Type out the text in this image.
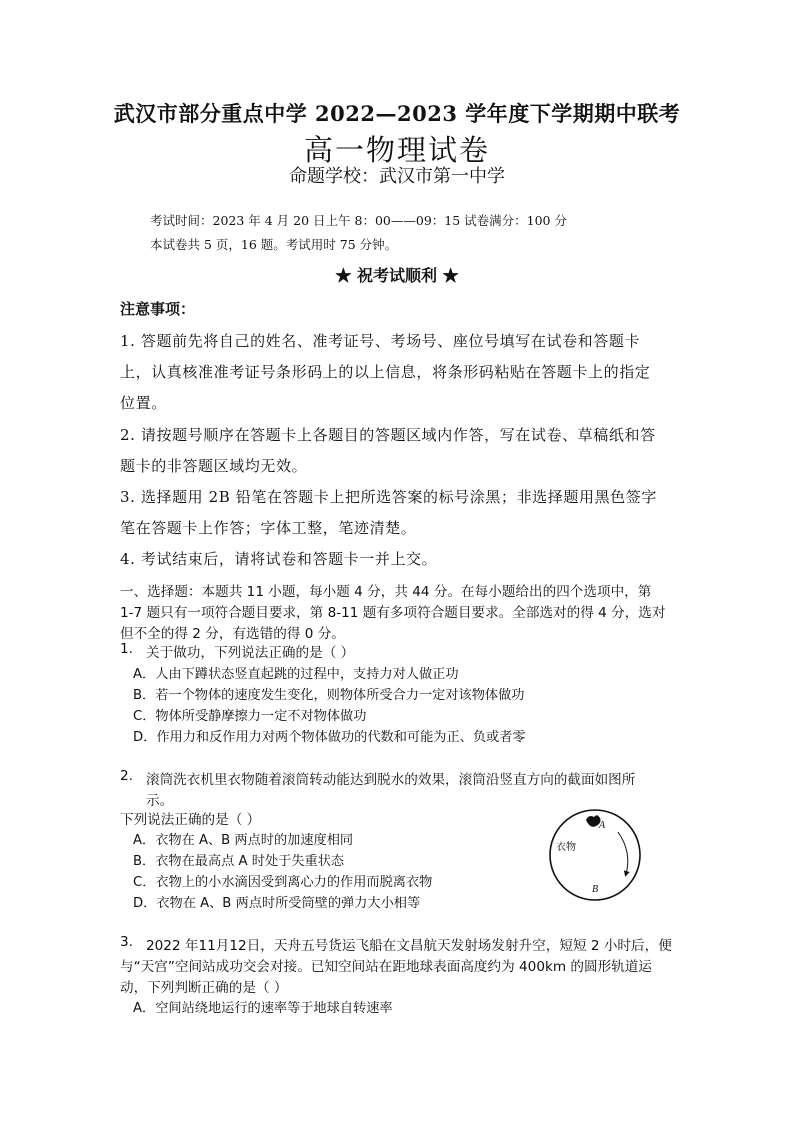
武汉市部分重点中学 2022—2023 学年度下学期期中联考
高一物理试卷
命题学校：武汉市第一中学
考试时间：2023 年 4 月 20 日上午 8：00——09：15 试卷满分：100 分
本试卷共 5 页，16 题。考试用时 75 分钟。
★ 祝考试顺利 ★
注意事项：
1. 答题前先将自己的姓名、准考证号、考场号、座位号填写在试卷和答题卡
上，认真核准准考证号条形码上的以上信息，将条形码粘贴在答题卡上的指定
位置。
2. 请按题号顺序在答题卡上各题目的答题区域内作答，写在试卷、草稿纸和答
题卡的非答题区域均无效。
3. 选择题用 2B 铅笔在答题卡上把所选答案的标号涂黑；非选择题用黑色签字
笔在答题卡上作答；字体工整，笔迹清楚。
4. 考试结束后，请将试卷和答题卡一并上交。
一、选择题：本题共 11 小题，每小题 4 分，共 44 分。在每小题给出的四个选项中，第
1-7 题只有一项符合题目要求，第 8-11 题有多项符合题目要求。全部选对的得 4 分，选对
但不全的得 2 分，有选错的得 0 分。
1. 关于做功，下列说法正确的是（ ）
A．人由下蹲状态竖直起跳的过程中，支持力对人做正功
B．若一个物体的速度发生变化，则物体所受合力一定对该物体做功
C．物体所受静摩擦力一定不对物体做功
D．作用力和反作用力对两个物体做功的代数和可能为正、负或者零
2. 滚筒洗衣机里衣物随着滚筒转动能达到脱水的效果，滚筒沿竖直方向的截面如图所
示。
下列说法正确的是（ ）
A．衣物在 A、B 两点时的加速度相同
B．衣物在最高点 A 时处于失重状态
C．衣物上的小水滴因受到离心力的作用而脱离衣物
D．衣物在 A、B 两点时所受筒壁的弹力大小相等
A
衣物
B
3. 2022 年11月12日，天舟五号货运飞船在文昌航天发射场发射升空，短短 2 小时后，便
与“天宫”空间站成功交会对接。已知空间站在距地球表面高度约为 400km 的圆形轨道运
动，下列判断正确的是（ ）
A．空间站绕地运行的速率等于地球自转速率
